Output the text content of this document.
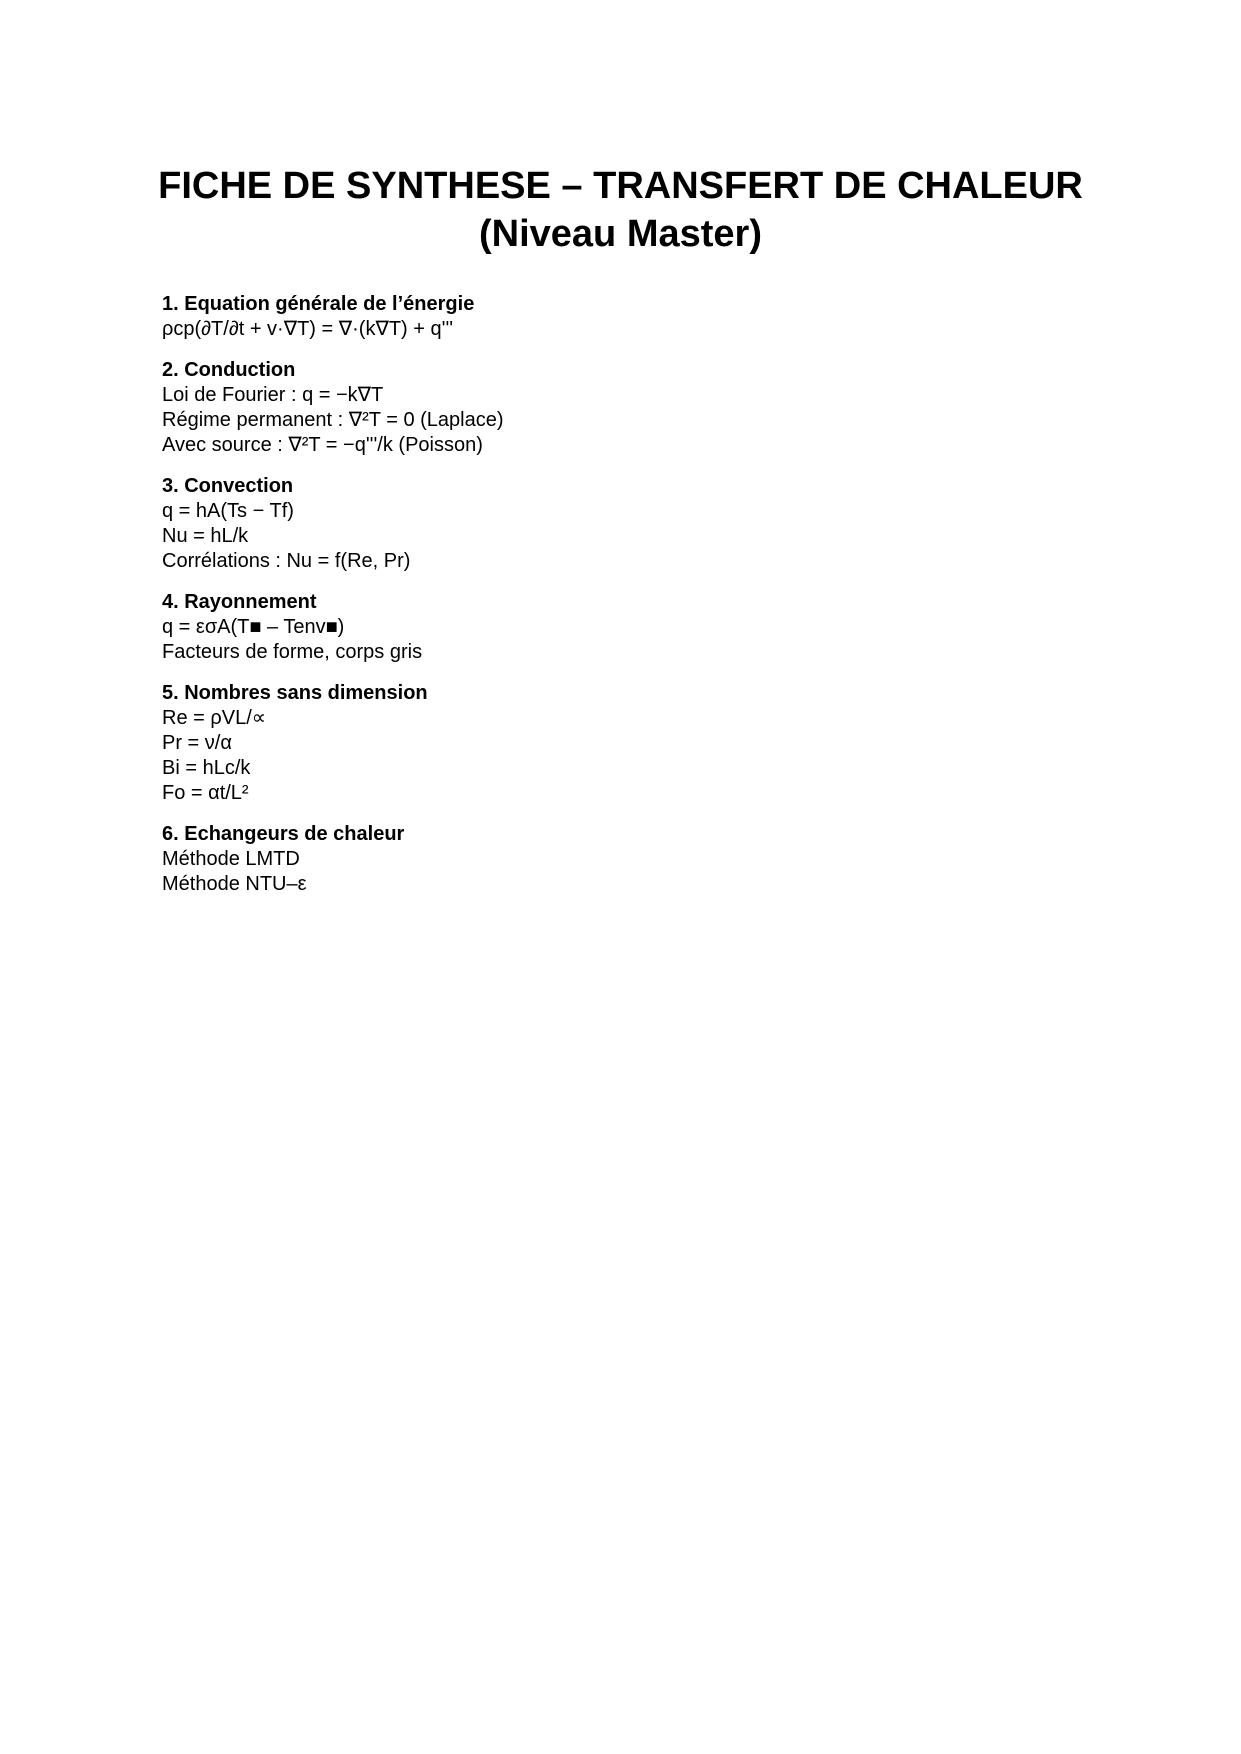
FICHE DE SYNTHESE – TRANSFERT DE CHALEUR
(Niveau Master)

1. Equation générale de l’énergie

ρcp(∂T/∂t + v·∇T) = ∇·(k∇T) + q'''

2. Conduction

Loi de Fourier : q = −k∇T

Régime permanent : ∇²T = 0 (Laplace)

Avec source : ∇²T = −q'''/k (Poisson)

3. Convection

q = hA(Ts − Tf)

Nu = hL/k

Corrélations : Nu = f(Re, Pr)

4. Rayonnement

q = εσA(T■ – Tenv■)

Facteurs de forme, corps gris

5. Nombres sans dimension

Re = ρVL/∝

Pr = ν/α

Bi = hLc/k

Fo = αt/L²

6. Echangeurs de chaleur

Méthode LMTD

Méthode NTU–ε
